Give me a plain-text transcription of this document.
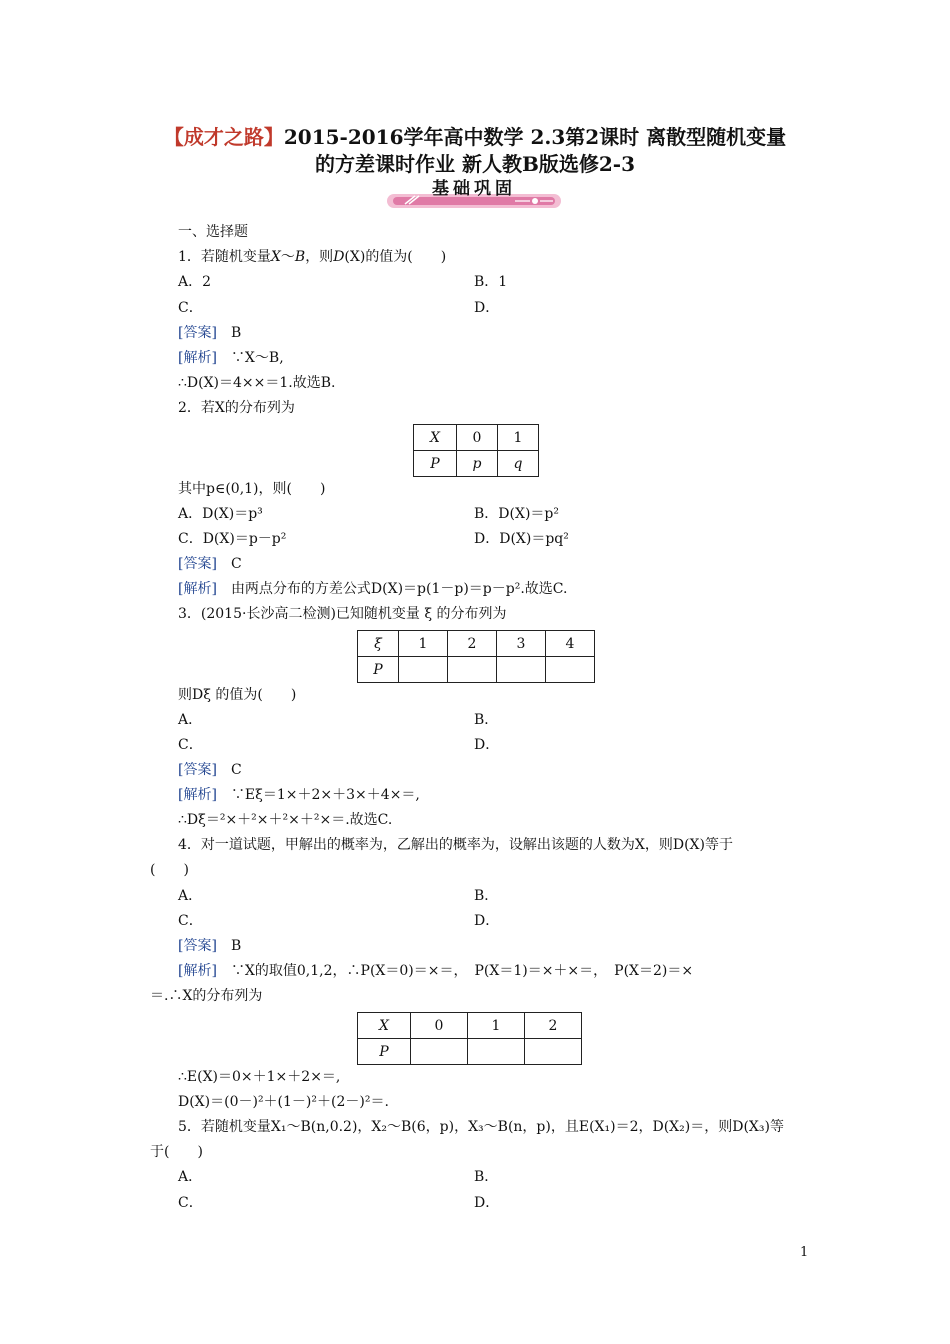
【成才之路】2015-2016学年高中数学 2.3第2课时 离散型随机变量
的方差课时作业 新人教B版选修2-3
基础巩固
一、选择题
1．若随机变量X～B，则D(X)的值为(　　)
A．2	B．1
C．	D．
[答案]　 B
[解析]　 ∵X～B,
∴D(X)＝4××＝1.故选B.
2．若X的分布列为
X	0	1
P	p	q
其中p∈(0,1)，则(　　)
A．D(X)＝p³	B．D(X)＝p²
C．D(X)＝p－p²	D．D(X)＝pq²
[答案]　 C
[解析]　 由两点分布的方差公式D(X)＝p(1－p)＝p－p².故选C.
3．(2015·长沙高二检测)已知随机变量 ξ 的分布列为
ξ	1	2	3	4
P				
则Dξ 的值为(　　)
A．	B．
C．	D．
[答案]　 C
[解析]　 ∵Eξ＝1×＋2×＋3×＋4×＝,
∴Dξ＝²×＋²×＋²×＋²×＝.故选C.
4．对一道试题，甲解出的概率为，乙解出的概率为，设解出该题的人数为X，则D(X)等于
(　　)
A．	B．
C．	D．
[答案]　 B
[解析]　 ∵X的取值0,1,2，∴P(X＝0)＝×＝，　P(X＝1)＝×＋×＝，　P(X＝2)＝×
＝.∴X的分布列为
X	0	1	2
P			
∴E(X)＝0×＋1×＋2×＝,
D(X)＝(0－)²＋(1－)²＋(2－)²＝.
5．若随机变量X₁～B(n,0.2)，X₂～B(6，p)，X₃～B(n，p)，且E(X₁)＝2，D(X₂)＝，则D(X₃)等
于(　　)
A．	B．
C．	D．
1
